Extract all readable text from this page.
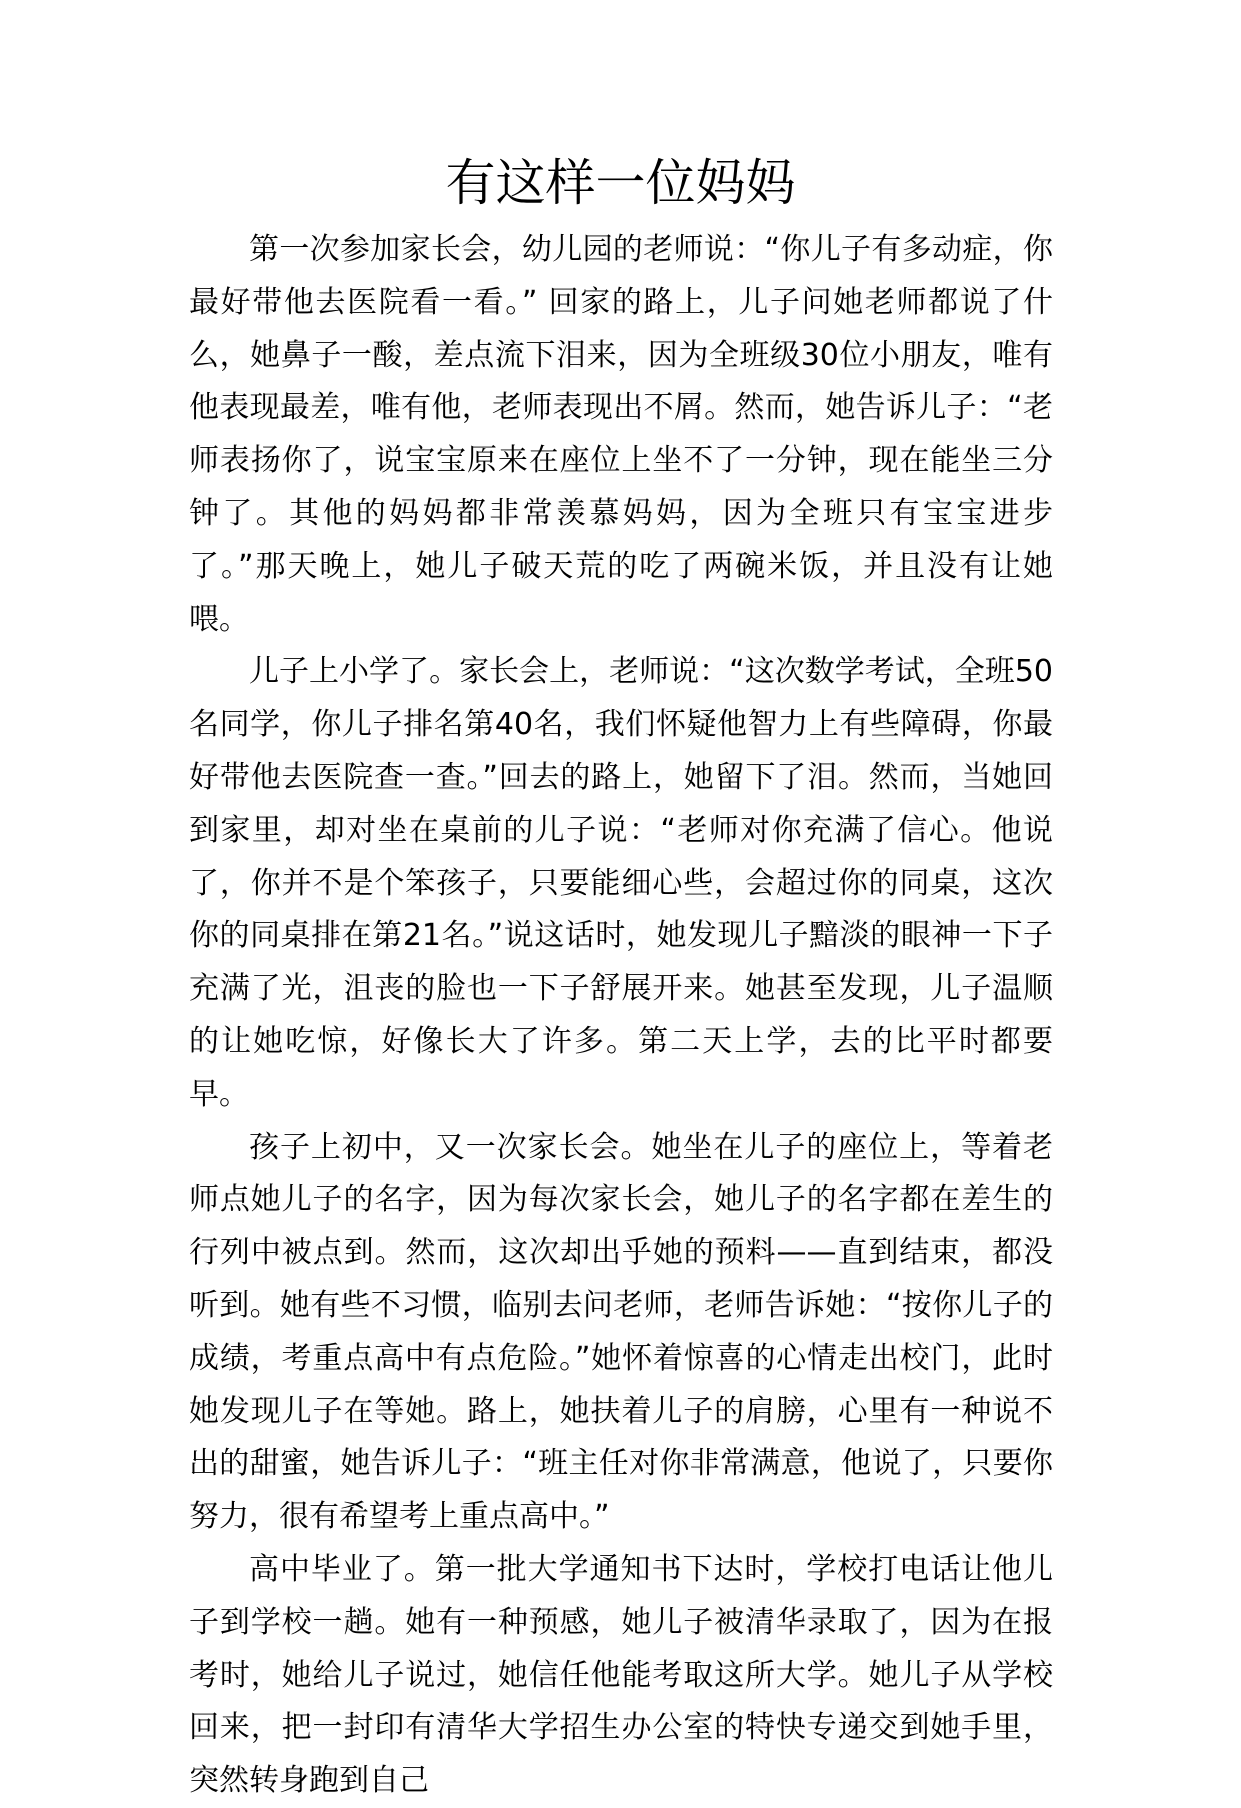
有这样一位妈妈

第一次参加家长会，幼儿园的老师说：“你儿子有多动症，你最好带他去医院看一看。” 回家的路上，儿子问她老师都说了什么，她鼻子一酸，差点流下泪来，因为全班级30位小朋友，唯有他表现最差，唯有他，老师表现出不屑。然而，她告诉儿子：“老师表扬你了，说宝宝原来在座位上坐不了一分钟，现在能坐三分钟了。其他的妈妈都非常羡慕妈妈，因为全班只有宝宝进步了。”那天晚上，她儿子破天荒的吃了两碗米饭，并且没有让她喂。

儿子上小学了。家长会上，老师说：“这次数学考试，全班50名同学，你儿子排名第40名，我们怀疑他智力上有些障碍，你最好带他去医院查一查。”回去的路上，她留下了泪。然而，当她回到家里，却对坐在桌前的儿子说：“老师对你充满了信心。他说了，你并不是个笨孩子，只要能细心些，会超过你的同桌，这次你的同桌排在第21名。”说这话时，她发现儿子黯淡的眼神一下子充满了光，沮丧的脸也一下子舒展开来。她甚至发现，儿子温顺的让她吃惊，好像长大了许多。第二天上学，去的比平时都要早。

孩子上初中，又一次家长会。她坐在儿子的座位上，等着老师点她儿子的名字，因为每次家长会，她儿子的名字都在差生的行列中被点到。然而，这次却出乎她的预料——直到结束，都没听到。她有些不习惯，临别去问老师，老师告诉她：“按你儿子的成绩，考重点高中有点危险。”她怀着惊喜的心情走出校门，此时她发现儿子在等她。路上，她扶着儿子的肩膀，心里有一种说不出的甜蜜，她告诉儿子：“班主任对你非常满意，他说了，只要你努力，很有希望考上重点高中。”

高中毕业了。第一批大学通知书下达时，学校打电话让他儿子到学校一趟。她有一种预感，她儿子被清华录取了，因为在报考时，她给儿子说过，她信任他能考取这所大学。她儿子从学校回来，把一封印有清华大学招生办公室的特快专递交到她手里，突然转身跑到自己
